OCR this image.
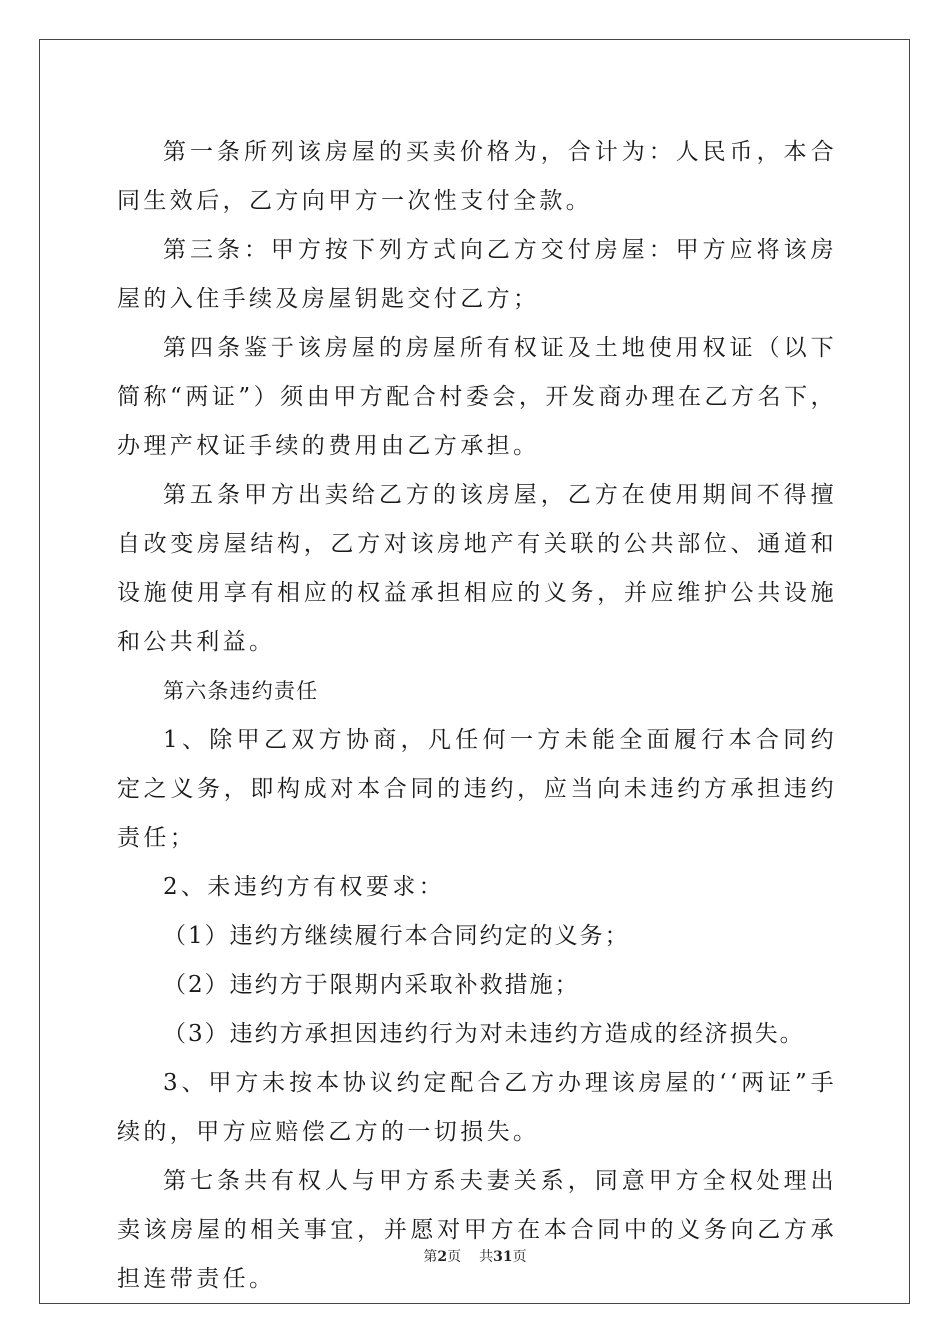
第一条所列该房屋的买卖价格为，合计为：人民币，本合同生效后，乙方向甲方一次性支付全款。

第三条：甲方按下列方式向乙方交付房屋：甲方应将该房屋的入住手续及房屋钥匙交付乙方；

第四条鉴于该房屋的房屋所有权证及土地使用权证（以下简称“两证”）须由甲方配合村委会，开发商办理在乙方名下，办理产权证手续的费用由乙方承担。

第五条甲方出卖给乙方的该房屋，乙方在使用期间不得擅自改变房屋结构，乙方对该房地产有关联的公共部位、通道和设施使用享有相应的权益承担相应的义务，并应维护公共设施和公共利益。

第六条违约责任

1、除甲乙双方协商，凡任何一方未能全面履行本合同约定之义务，即构成对本合同的违约，应当向未违约方承担违约责任；

2、未违约方有权要求：

（1）违约方继续履行本合同约定的义务；

（2）违约方于限期内采取补救措施；

（3）违约方承担因违约行为对未违约方造成的经济损失。

3、甲方未按本协议约定配合乙方办理该房屋的‘‘两证”手续的，甲方应赔偿乙方的一切损失。

第七条共有权人与甲方系夫妻关系，同意甲方全权处理出卖该房屋的相关事宜，并愿对甲方在本合同中的义务向乙方承担连带责任。

第2页 共31页
